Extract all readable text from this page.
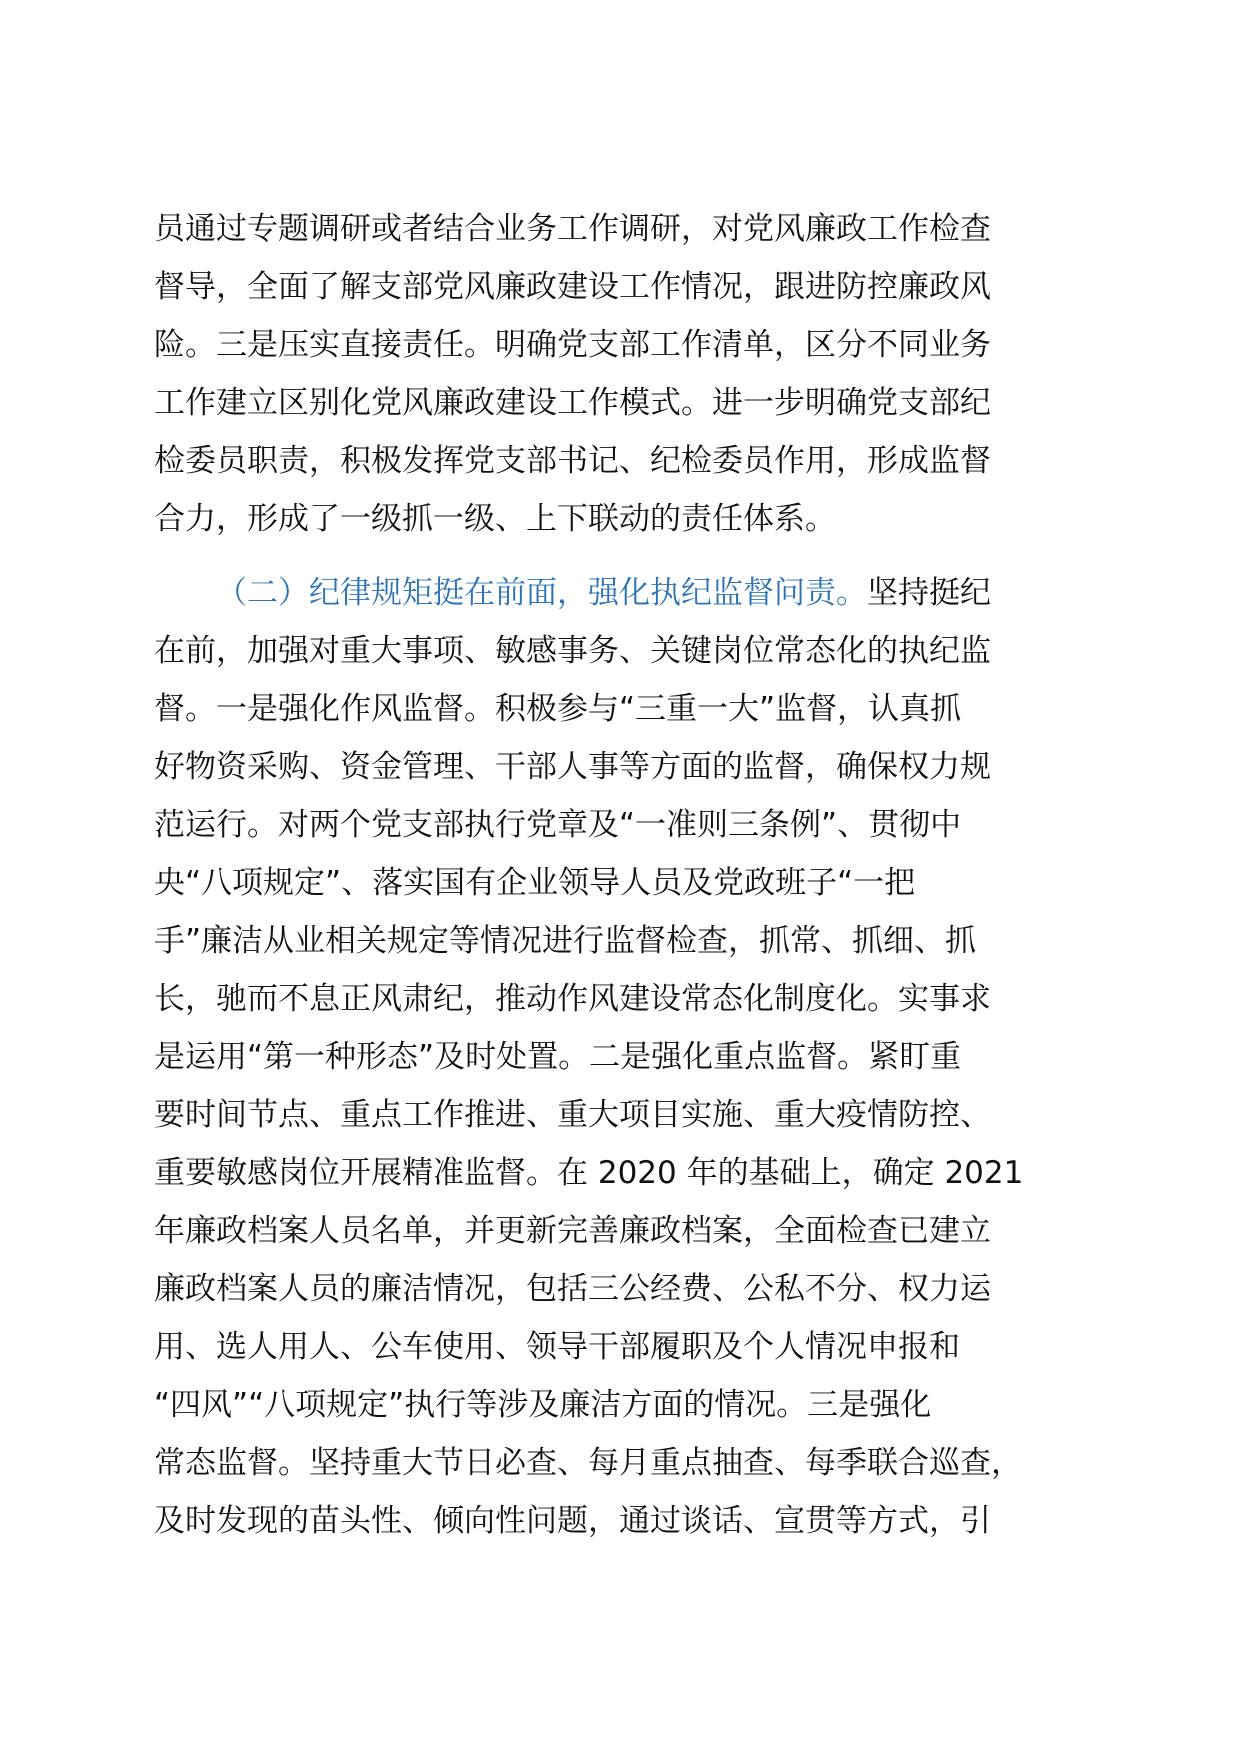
员通过专题调研或者结合业务工作调研，对党风廉政工作检查
督导，全面了解支部党风廉政建设工作情况，跟进防控廉政风
险。三是压实直接责任。明确党支部工作清单，区分不同业务
工作建立区别化党风廉政建设工作模式。进一步明确党支部纪
检委员职责，积极发挥党支部书记、纪检委员作用，形成监督
合力，形成了一级抓一级、上下联动的责任体系。
（二）纪律规矩挺在前面，强化执纪监督问责。坚持挺纪
在前，加强对重大事项、敏感事务、关键岗位常态化的执纪监
督。一是强化作风监督。积极参与“三重一大”监督，认真抓
好物资采购、资金管理、干部人事等方面的监督，确保权力规
范运行。对两个党支部执行党章及“一准则三条例”、贯彻中
央“八项规定”、落实国有企业领导人员及党政班子“一把
手”廉洁从业相关规定等情况进行监督检查，抓常、抓细、抓
长，驰而不息正风肃纪，推动作风建设常态化制度化。实事求
是运用“第一种形态”及时处置。二是强化重点监督。紧盯重
要时间节点、重点工作推进、重大项目实施、重大疫情防控、
重要敏感岗位开展精准监督。在 2020 年的基础上，确定 2021
年廉政档案人员名单，并更新完善廉政档案，全面检查已建立
廉政档案人员的廉洁情况，包括三公经费、公私不分、权力运
用、选人用人、公车使用、领导干部履职及个人情况申报和
“四风”“八项规定”执行等涉及廉洁方面的情况。三是强化
常态监督。坚持重大节日必查、每月重点抽查、每季联合巡查，
及时发现的苗头性、倾向性问题，通过谈话、宣贯等方式，引
